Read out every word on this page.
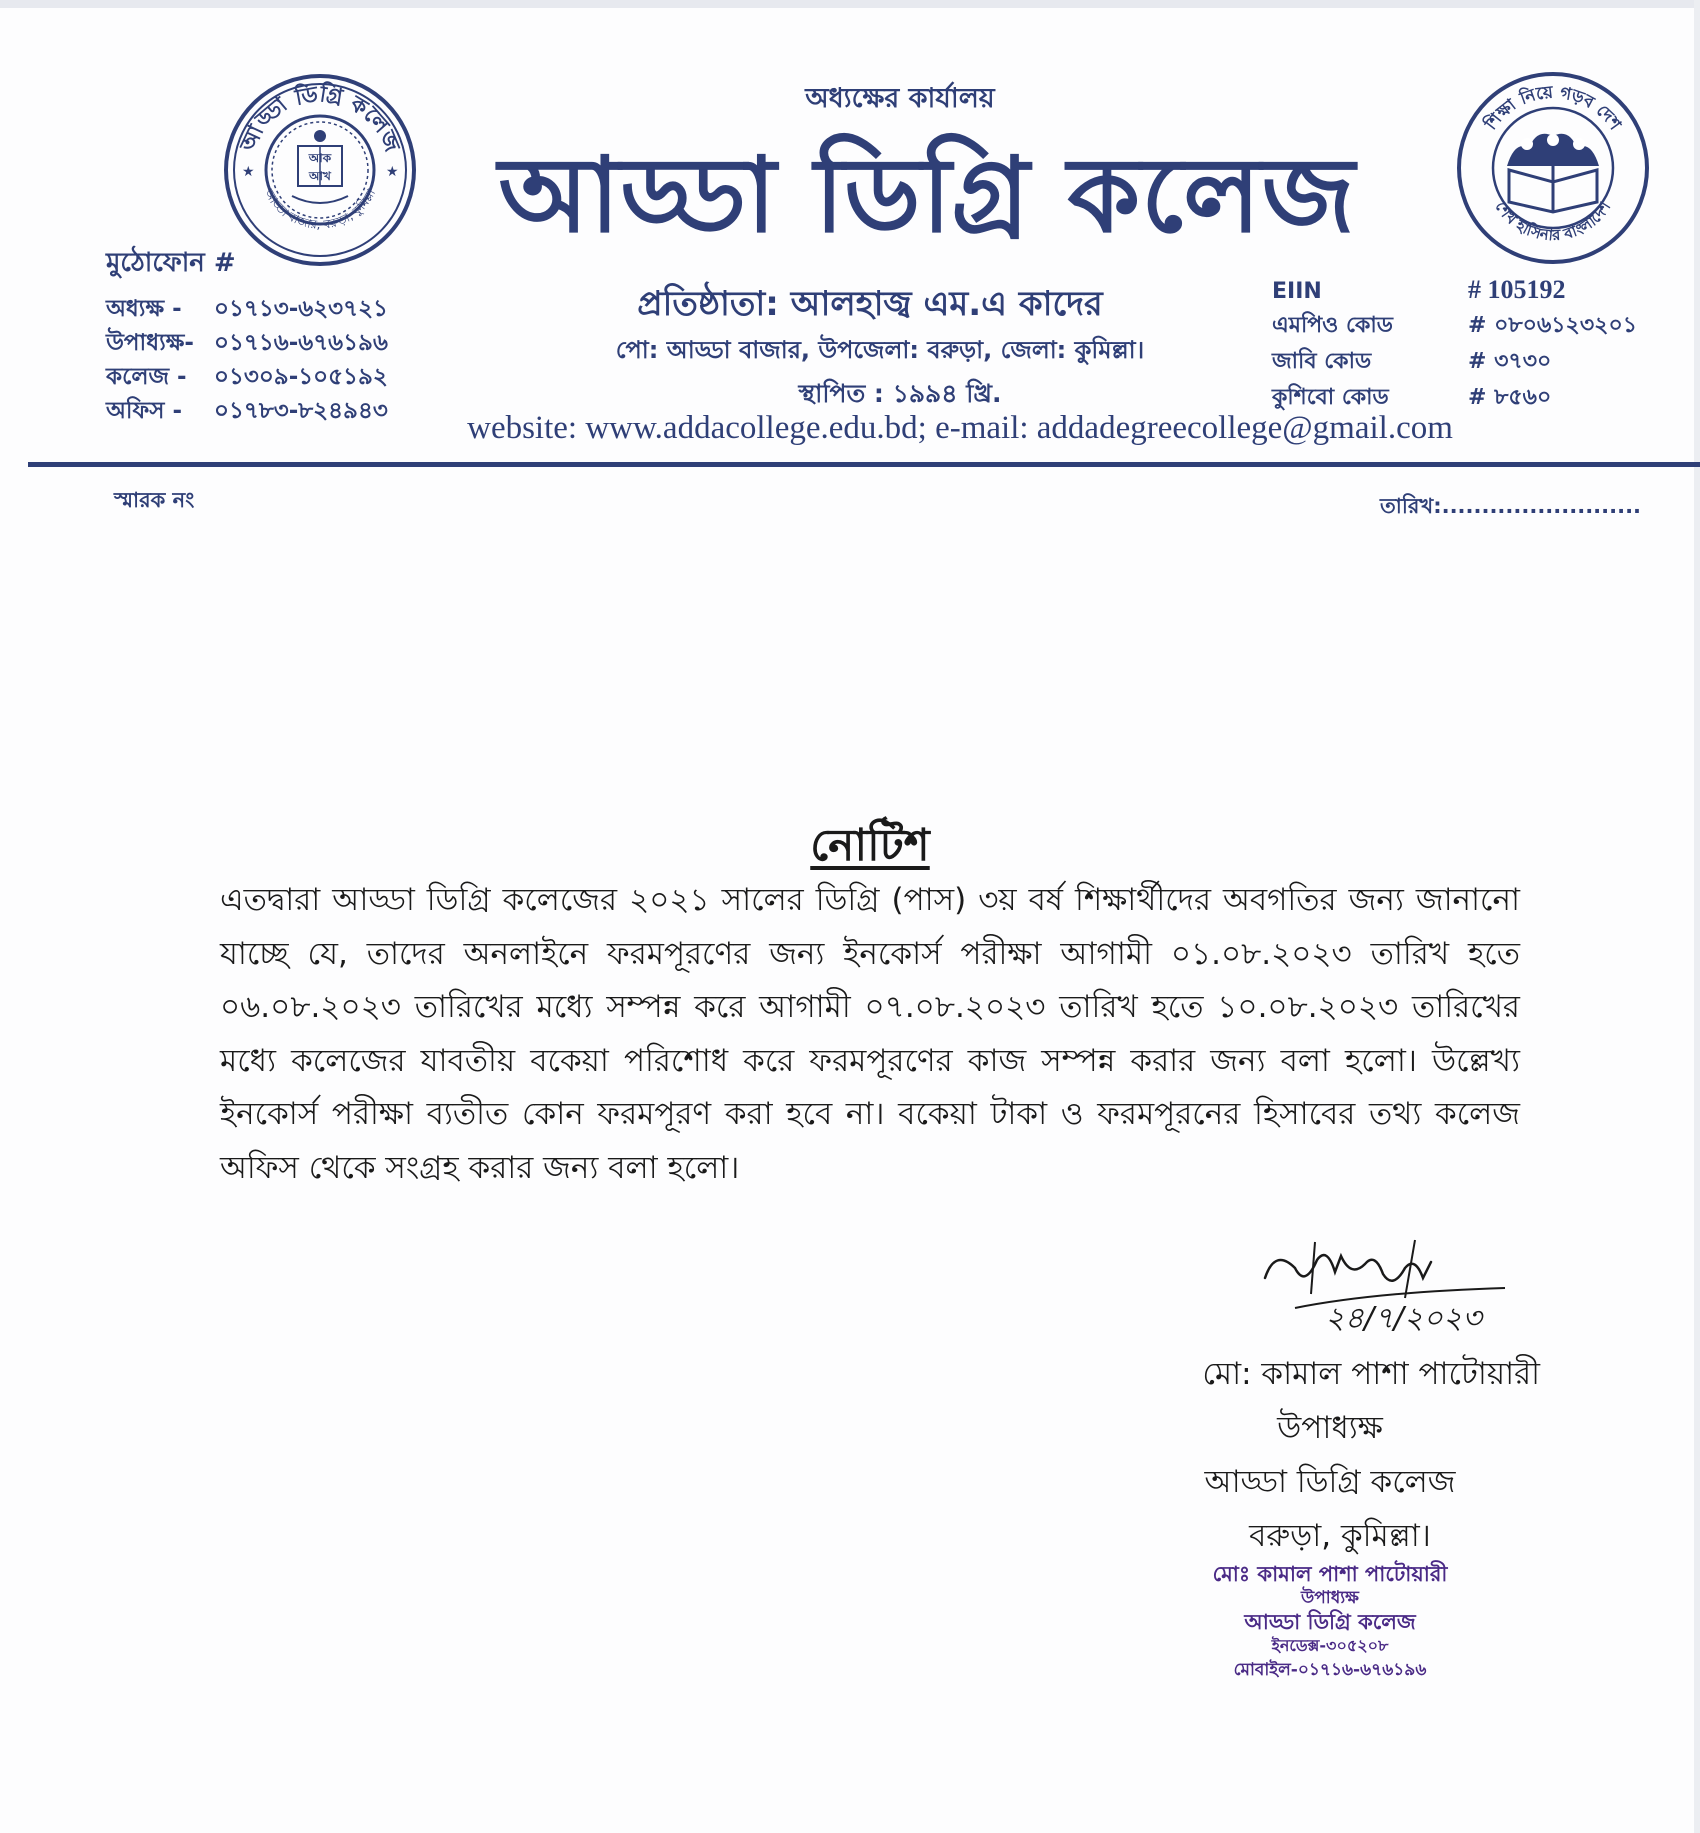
আড্ডা ডিগ্রি কলেজ
আড্ডা বাজার, বরুড়া, কুমিল্লা
আক
আখ
★	★
শিক্ষা নিয়ে গড়ব দেশ
শেখ হাসিনার বাংলাদেশ
অধ্যক্ষের কার্যালয়
আড্ডা ডিগ্রি কলেজ
প্রতিষ্ঠাতা: আলহাজ্ব এম.এ কাদের
পো: আড্ডা বাজার, উপজেলা: বরুড়া, জেলা: কুমিল্লা।
স্থাপিত : ১৯৯৪ খ্রি.
website: www.addacollege.edu.bd; e-mail: addadegreecollege@gmail.com
মুঠোফোন #
অধ্যক্ষ - ০১৭১৩-৬২৩৭২১
উপাধ্যক্ষ- ০১৭১৬-৬৭৬১৯৬
কলেজ - ০১৩০৯-১০৫১৯২
অফিস - ০১৭৮৩-৮২৪৯৪৩
EIIN	# 105192
এমপিও কোড	# ০৮০৬১২৩২০১
জাবি কোড	# ৩৭৩০
কুশিবো কোড	# ৮৫৬০
স্মারক নং	তারিখ:.........................
নোটিশ
এতদ্বারা আড্ডা ডিগ্রি কলেজের ২০২১ সালের ডিগ্রি (পাস) ৩য় বর্ষ শিক্ষার্থীদের অবগতির জন্য জানানো যাচ্ছে যে, তাদের অনলাইনে ফরমপূরণের জন্য ইনকোর্স পরীক্ষা আগামী ০১.০৮.২০২৩ তারিখ হতে ০৬.০৮.২০২৩ তারিখের মধ্যে সম্পন্ন করে আগামী ০৭.০৮.২০২৩ তারিখ হতে ১০.০৮.২০২৩ তারিখের মধ্যে কলেজের যাবতীয় বকেয়া পরিশোধ করে ফরমপূরণের কাজ সম্পন্ন করার জন্য বলা হলো। উল্লেখ্য ইনকোর্স পরীক্ষা ব্যতীত কোন ফরমপূরণ করা হবে না। বকেয়া টাকা ও ফরমপূরনের হিসাবের তথ্য কলেজ অফিস থেকে সংগ্রহ করার জন্য বলা হলো।
২৪/৭/২০২৩
মো: কামাল পাশা পাটোয়ারী
উপাধ্যক্ষ
আড্ডা ডিগ্রি কলেজ
বরুড়া, কুমিল্লা।
মোঃ কামাল পাশা পাটোয়ারী
উপাধ্যক্ষ
আড্ডা ডিগ্রি কলেজ
ইনডেক্স-৩০৫২০৮
মোবাইল-০১৭১৬-৬৭৬১৯৬
